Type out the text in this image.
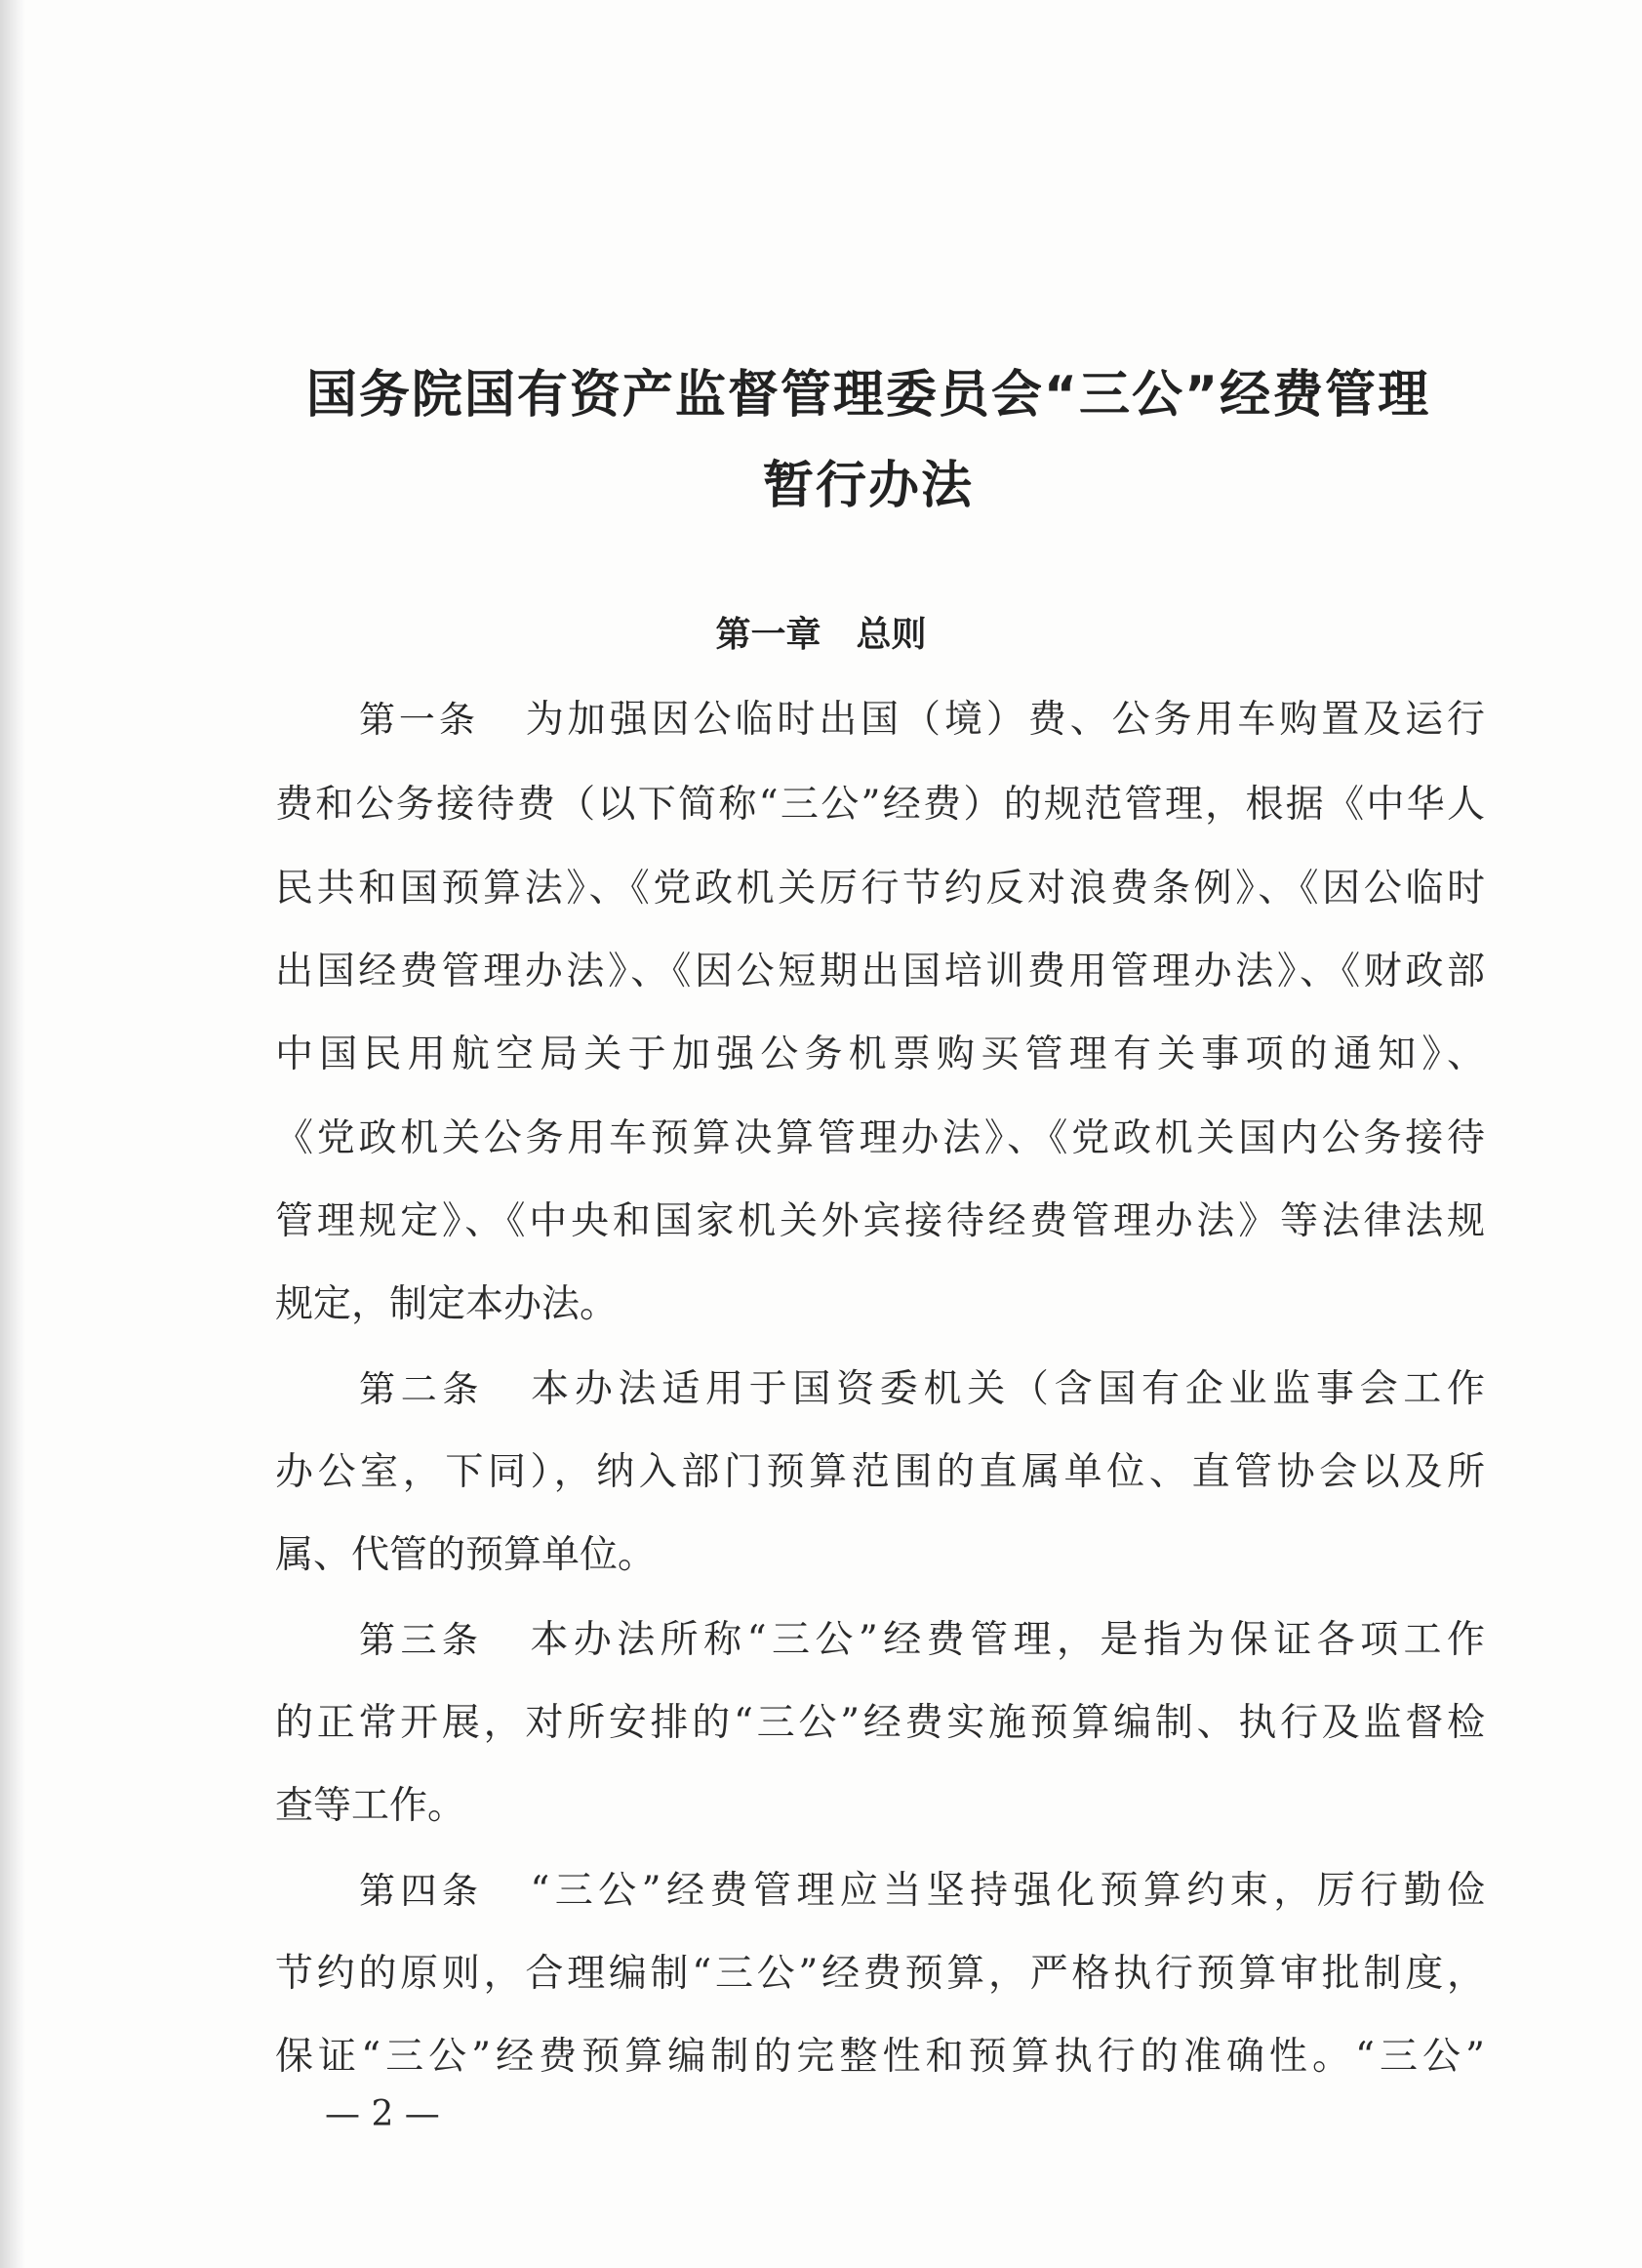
国务院国有资产监督管理委员会“三公”经费管理
暂行办法
第一章　总则
第一条 为加强因公临时出国（境）费、公务用车购置及运行
费和公务接待费（以下简称“三公”经费）的规范管理，根据《中华人
民共和国预算法》、《党政机关厉行节约反对浪费条例》、《因公临时
出国经费管理办法》、《因公短期出国培训费用管理办法》、《财政部
中国民用航空局关于加强公务机票购买管理有关事项的通知》、
《党政机关公务用车预算决算管理办法》、《党政机关国内公务接待
管理规定》、《中央和国家机关外宾接待经费管理办法》等法律法规
规定，制定本办法。
第二条 本办法适用于国资委机关（含国有企业监事会工作
办公室，下同），纳入部门预算范围的直属单位、直管协会以及所
属、代管的预算单位。
第三条 本办法所称“三公”经费管理，是指为保证各项工作
的正常开展，对所安排的“三公”经费实施预算编制、执行及监督检
查等工作。
第四条 “三公”经费管理应当坚持强化预算约束，厉行勤俭
节约的原则，合理编制“三公”经费预算，严格执行预算审批制度，
保证“三公”经费预算编制的完整性和预算执行的准确性。“三公”
— 2 —
